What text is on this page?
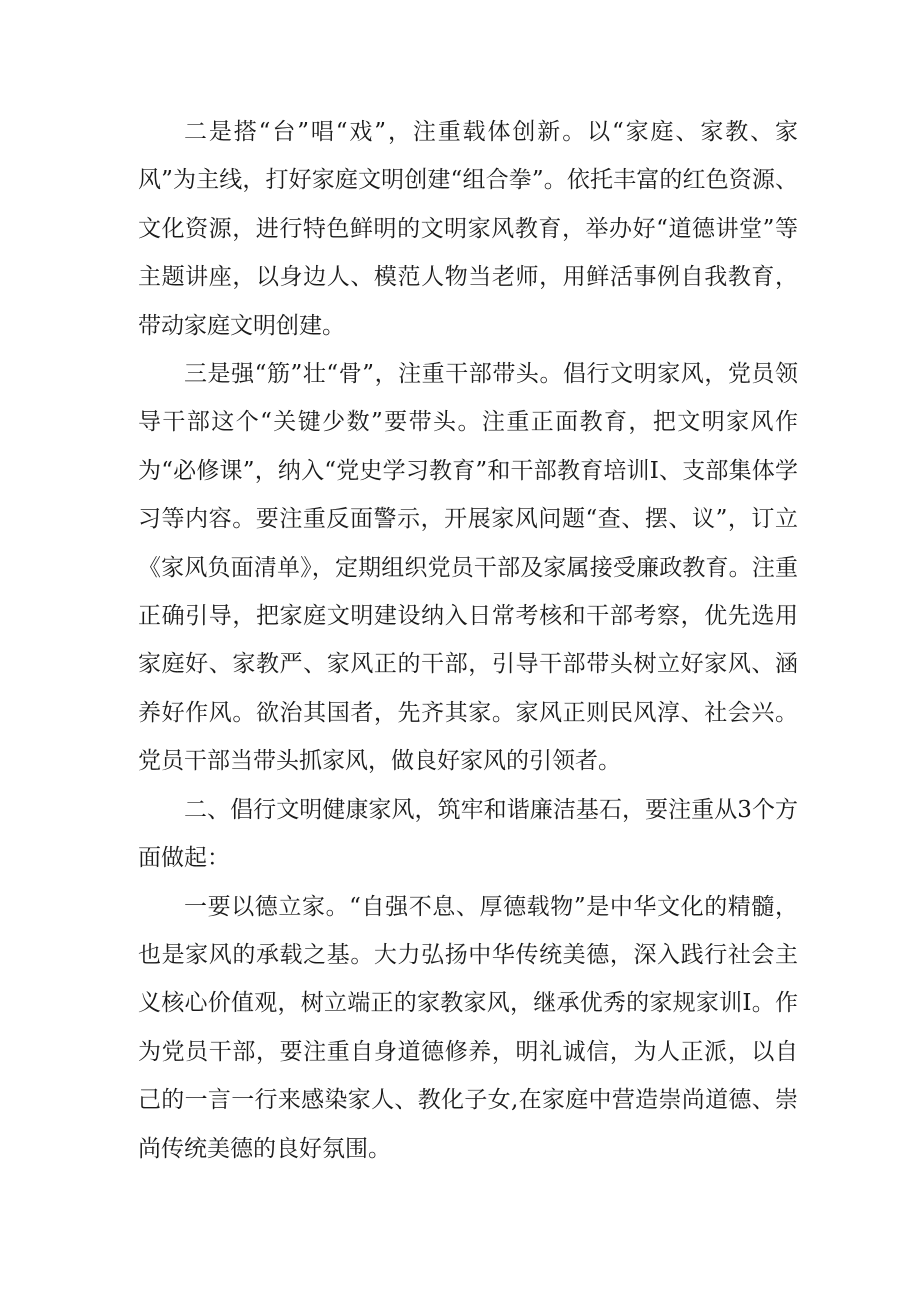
二是搭“台”唱“戏”，注重载体创新。以“家庭、家教、家风”为主线，打好家庭文明创建“组合拳”。依托丰富的红色资源、文化资源，进行特色鲜明的文明家风教育，举办好“道德讲堂”等主题讲座，以身边人、模范人物当老师，用鲜活事例自我教育，带动家庭文明创建。

三是强“筋”壮“骨”，注重干部带头。倡行文明家风，党员领导干部这个“关键少数”要带头。注重正面教育，把文明家风作为“必修课”，纳入“党史学习教育”和干部教育培训I、支部集体学习等内容。要注重反面警示，开展家风问题“查、摆、议”，订立《家风负面清单》，定期组织党员干部及家属接受廉政教育。注重正确引导，把家庭文明建设纳入日常考核和干部考察，优先选用家庭好、家教严、家风正的干部，引导干部带头树立好家风、涵养好作风。欲治其国者，先齐其家。家风正则民风淳、社会兴。党员干部当带头抓家风，做良好家风的引领者。

二、倡行文明健康家风，筑牢和谐廉洁基石，要注重从3个方面做起：

一要以德立家。“自强不息、厚德载物”是中华文化的精髓，也是家风的承载之基。大力弘扬中华传统美德，深入践行社会主义核心价值观，树立端正的家教家风，继承优秀的家规家训I。作为党员干部，要注重自身道德修养，明礼诚信，为人正派，以自己的一言一行来感染家人、教化子女,在家庭中营造崇尚道德、崇尚传统美德的良好氛围。
